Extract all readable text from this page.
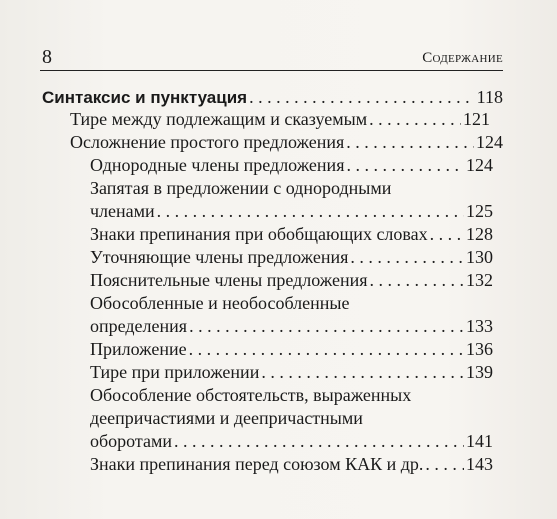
8	Содержание
Синтаксис и пунктуация . . .	118
Тире между подлежащим и сказуемым . . .	121
Осложнение простого предложения . . .	124
Однородные члены предложения . . .	124
Запятая в предложении с однородными
членами . . .	125
Знаки препинания при обобщающих словах . . . 128
Уточняющие члены предложения . . .	130
Пояснительные члены предложения . . .	132
Обособленные и необособленные
определения . . .	133
Приложение . . .	136
Тире при приложении . . .	139
Обособление обстоятельств, выраженных
деепричастиями и деепричастными
оборотами . . .	141
Знаки препинания перед союзом КАК и др. . . . 143
